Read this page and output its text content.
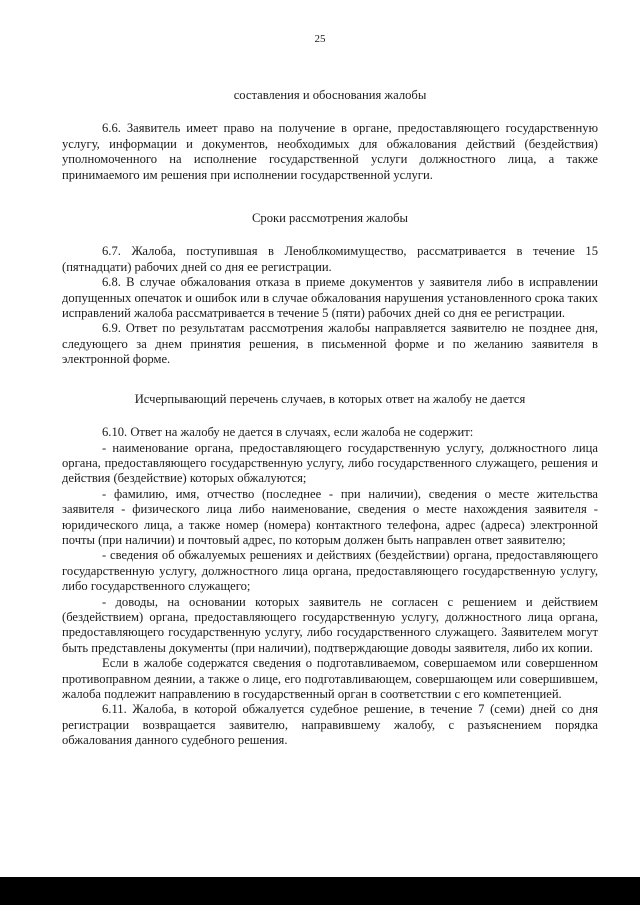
25
составления и обоснования жалобы
6.6. Заявитель имеет право на получение в органе, предоставляющего государственную услугу, информации и документов, необходимых для обжалования действий (бездействия) уполномоченного на исполнение государственной услуги должностного лица, а также принимаемого им решения при исполнении государственной услуги.
Сроки рассмотрения жалобы
6.7. Жалоба, поступившая в Леноблкомимущество, рассматривается в течение 15 (пятнадцати) рабочих дней со дня ее регистрации.
6.8. В случае обжалования отказа в приеме документов у заявителя либо в исправлении допущенных опечаток и ошибок или в случае обжалования нарушения установленного срока таких исправлений жалоба рассматривается в течение 5 (пяти) рабочих дней со дня ее регистрации.
6.9. Ответ по результатам рассмотрения жалобы направляется заявителю не позднее дня, следующего за днем принятия решения, в письменной форме и по желанию заявителя в электронной форме.
Исчерпывающий перечень случаев, в которых ответ на жалобу не дается
6.10. Ответ на жалобу не дается в случаях, если жалоба не содержит:
- наименование органа, предоставляющего государственную услугу, должностного лица органа, предоставляющего государственную услугу, либо государственного служащего, решения и действия (бездействие) которых обжалуются;
- фамилию, имя, отчество (последнее - при наличии), сведения о месте жительства заявителя - физического лица либо наименование, сведения о месте нахождения заявителя - юридического лица, а также номер (номера) контактного телефона, адрес (адреса) электронной почты (при наличии) и почтовый адрес, по которым должен быть направлен ответ заявителю;
- сведения об обжалуемых решениях и действиях (бездействии) органа, предоставляющего государственную услугу, должностного лица органа, предоставляющего государственную услугу, либо государственного служащего;
- доводы, на основании которых заявитель не согласен с решением и действием (бездействием) органа, предоставляющего государственную услугу, должностного лица органа, предоставляющего государственную услугу, либо государственного служащего. Заявителем могут быть представлены документы (при наличии), подтверждающие доводы заявителя, либо их копии.
Если в жалобе содержатся сведения о подготавливаемом, совершаемом или совершенном противоправном деянии, а также о лице, его подготавливающем, совершающем или совершившем, жалоба подлежит направлению в государственный орган в соответствии с его компетенцией.
6.11. Жалоба, в которой обжалуется судебное решение, в течение 7 (семи) дней со дня регистрации возвращается заявителю, направившему жалобу, с разъяснением порядка обжалования данного судебного решения.
